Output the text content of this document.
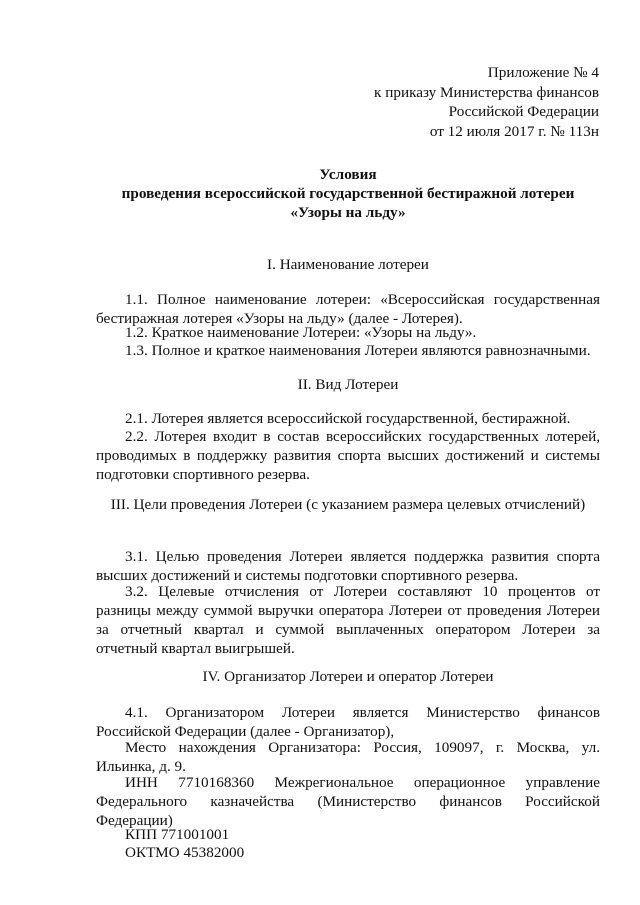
Приложение № 4
к приказу Министерства финансов
Российской Федерации
от 12 июля 2017 г. № 113н
Условия
проведения всероссийской государственной бестиражной лотереи
«Узоры на льду»
I. Наименование лотереи
1.1. Полное наименование лотереи: «Всероссийская государственная бестиражная лотерея «Узоры на льду» (далее - Лотерея).
1.2. Краткое наименование Лотереи: «Узоры на льду».
1.3. Полное и краткое наименования Лотереи являются равнозначными.
II. Вид Лотереи
2.1. Лотерея является всероссийской государственной, бестиражной.
2.2. Лотерея входит в состав всероссийских государственных лотерей, проводимых в поддержку развития спорта высших достижений и системы подготовки спортивного резерва.
III. Цели проведения Лотереи (с указанием размера целевых отчислений)
3.1. Целью проведения Лотереи является поддержка развития спорта высших достижений и системы подготовки спортивного резерва.
3.2. Целевые отчисления от Лотереи составляют 10 процентов от разницы между суммой выручки оператора Лотереи от проведения Лотереи за отчетный квартал и суммой выплаченных оператором Лотереи за отчетный квартал выигрышей.
IV. Организатор Лотереи и оператор Лотереи
4.1. Организатором Лотереи является Министерство финансов Российской Федерации (далее - Организатор),
Место нахождения Организатора: Россия, 109097, г. Москва, ул. Ильинка, д. 9.
ИНН 7710168360 Межрегиональное операционное управление Федерального казначейства (Министерство финансов Российской Федерации)
КПП 771001001
ОКТМО 45382000
